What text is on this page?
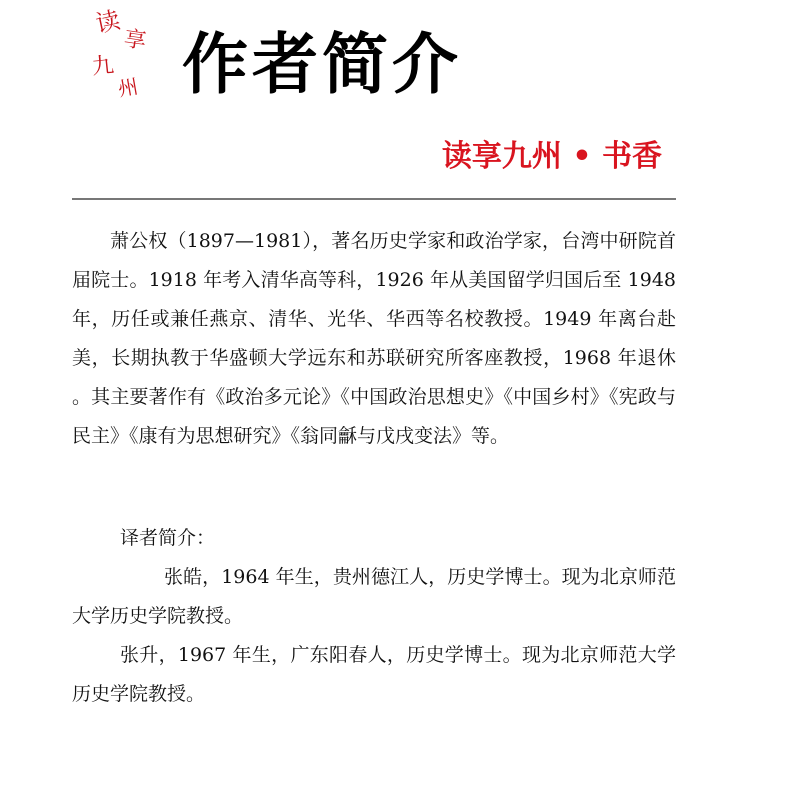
读
享
九
州 作者简介
读享九州 • 书香

萧公权（1897—1981），著名历史学家和政治学家，台湾中研院首届院士。1918 年考入清华高等科，1926 年从美国留学归国后至 1948 年，历任或兼任燕京、清华、光华、华西等名校教授。1949 年离台赴美，长期执教于华盛顿大学远东和苏联研究所客座教授，1968 年退休。其主要著作有《政治多元论》《中国政治思想史》《中国乡村》《宪政与民主》《康有为思想研究》《翁同龢与戊戌变法》等。

译者简介：

张皓，1964 年生，贵州德江人，历史学博士。现为北京师范大学历史学院教授。

张升，1967 年生，广东阳春人，历史学博士。现为北京师范大学历史学院教授。
